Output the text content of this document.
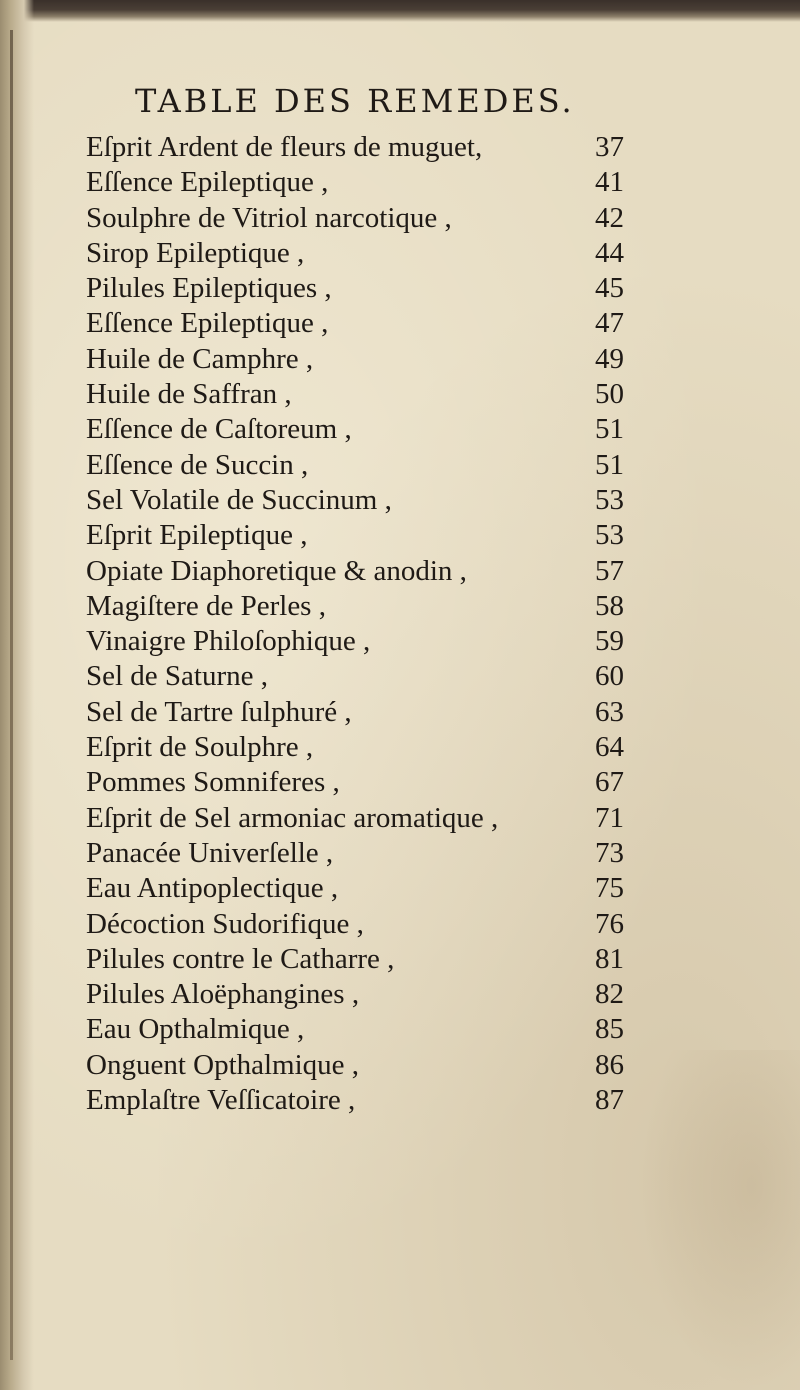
TABLE DES REMEDES.
Eſprit Ardent de fleurs de muguet,	37
Eſſence Epileptique ,	41
Soulphre de Vitriol narcotique ,	42
Sirop Epileptique ,	44
Pilules Epileptiques ,	45
Eſſence Epileptique ,	47
Huile de Camphre ,	49
Huile de Saffran ,	50
Eſſence de Caſtoreum ,	51
Eſſence de Succin ,	51
Sel Volatile de Succinum ,	53
Eſprit Epileptique ,	53
Opiate Diaphoretique & anodin ,	57
Magiſtere de Perles ,	58
Vinaigre Philoſophique ,	59
Sel de Saturne ,	60
Sel de Tartre ſulphuré ,	63
Eſprit de Soulphre ,	64
Pommes Somniferes ,	67
Eſprit de Sel armoniac aromatique ,	71
Panacée Univerſelle ,	73
Eau Antipoplectique ,	75
Décoction Sudorifique ,	76
Pilules contre le Catharre ,	81
Pilules Aloëphangines ,	82
Eau Opthalmique ,	85
Onguent Opthalmique ,	86
Emplaſtre Veſſicatoire ,	87
